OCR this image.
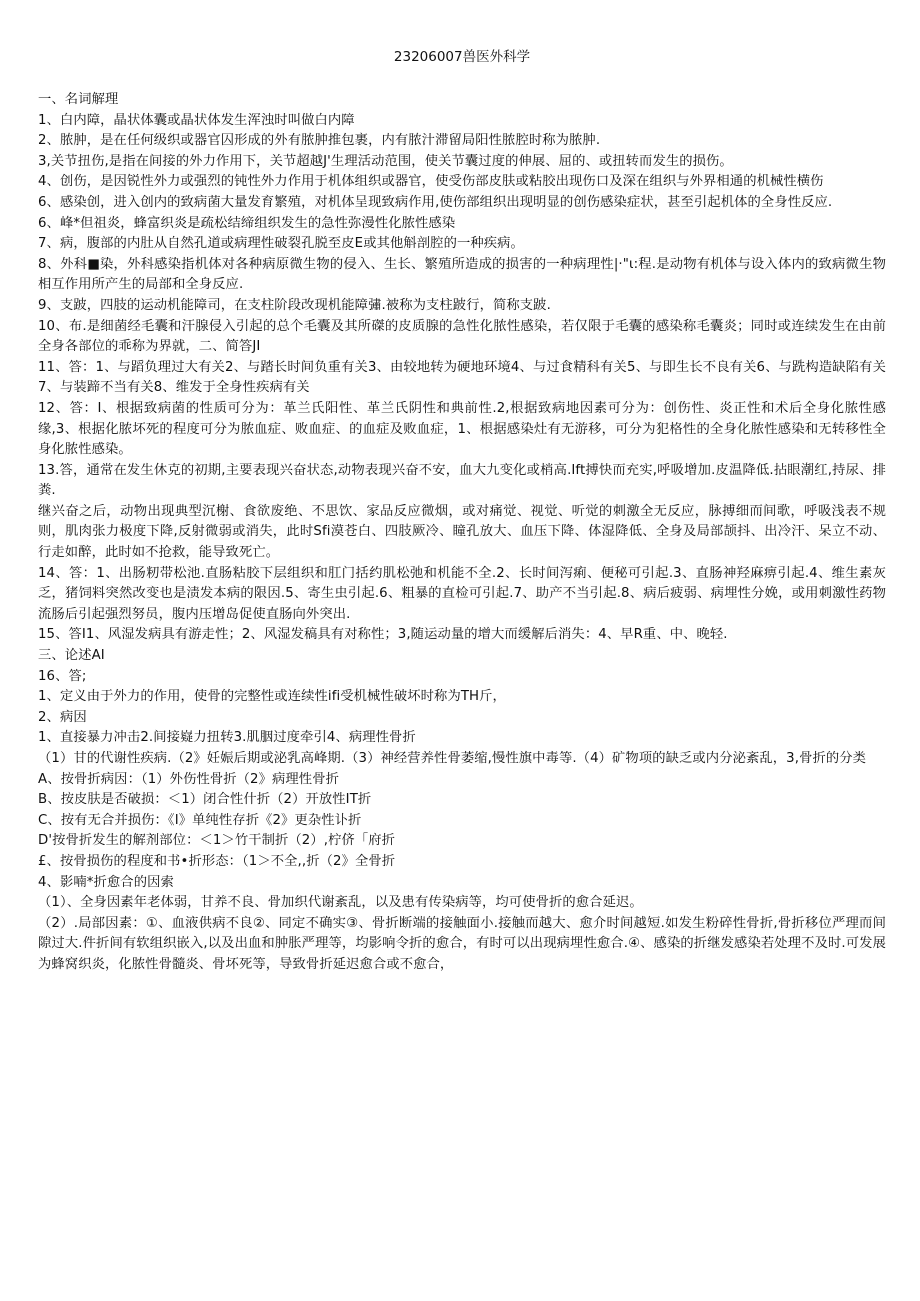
23206007兽医外科学

一、名词解理

1、白内障，晶状体囊或晶状体发生浑浊时叫做白内障

2、脓肿，是在任何级织或器官囚形成的外有脓肿推包裹，内有脓汁滞留局阳性脓腔时称为脓肿.

3,关节扭伤,是指在间接的外力作用下，关节超越J'生理活动范围，使关节囊过度的伸展、屈的、或扭转而发生的损伤。

4、创伤，是因锐性外力或强烈的钝性外力作用于机体组织或器官，使受伤部皮肤或粘胶出现伤口及深在组织与外界相通的机械性横伤

6、感染创，进入创内的致病菌大量发育繁殖，对机体呈现致病作用,使伤部组织出现明显的创伤感染症状，甚至引起机体的全身性反应.

6、峰*但祖炎，蜂富织炎是疏松结缔组织发生的急性弥漫性化脓性感染

7、病，腹部的内肚从自然孔道或病理性破裂孔脱至皮E或其他斛剖腔的一种疾病。

8、外科■染，外科感染指机体对各种病原微生物的侵入、生长、繁殖所造成的损害的一种病理性|·"ι:程.是动物有机体与设入体内的致病微生物相互作用所产生的局部和全身反应.

9、支跛，四肢的运动机能障司，在支柱阶段改现机能障彇.被称为支柱跛行，简称支跛.

10、布.是细菌经毛囊和汗腺侵入引起的总个毛囊及其所磔的皮质腺的急性化脓性感染，若仅限于毛囊的感染称毛囊炎；同时或连续发生在由前全身各部位的乖称为界就，二、简答JI

11、答：1、与蹈负理过大有关2、与踏长时间负重有关3、由较地转为硬地环境4、与过食精科有关5、与即生长不良有关6、与跣构造缺陷有关7、与装蹄不当有关8、维发于全身性疾病有关

12、答：I、根据致病菌的性质可分为：革兰氏阳性、革兰氏阴性和典前性.2,根据致病地因素可分为：创伤性、炎正性和术后全身化脓性感缘,3、根据化脓坏死的程度可分为脓血症、败血症、的血症及败血症，1、根据感染灶有无游移，可分为犯格性的全身化脓性感染和无转移性全身化脓性感染。

13.答，通常在发生休克的初期,主要表现兴奋状态,动物表现兴奋不安，血大九变化或梢高.Ift搏快而充实,呼吸增加.皮温降低.拈眼潮红,持尿、排粪.

继兴奋之后，动物出现典型沉榭、食欲废绝、不思饮、家品反应微烟，或对痛觉、视觉、听觉的刺激全无反应，脉搏细而间歌，呼吸浅表不规则，肌肉张力极度下降,反射微弱或消失，此时Sfi漠苍白、四肢厥冷、瞳孔放大、血压下降、体湿降低、全身及局部颉抖、出冷汗、呆立不动、行走如醉，此时如不抢救，能导致死亡。

14、答：1、出肠籾带松池.直肠粘胶下层组织和肛门括约肌松弛和机能不全.2、长时间泻痢、便秘可引起.3、直肠神羟麻痹引起.4、维生素灰乏，猪饲料突然改变也是渍发本病的限因.5、寄生虫引起.6、粗暴的直检可引起.7、助产不当引起.8、病后疲弱、病埋性分娩，或用刺激性药物流肠后引起强烈努员，腹内压增岛促使直肠向外突出.

15、答I1、风湿发病具有游走性；2、风湿发稿具有对称性；3,随运动量的增大而缓解后消失：4、早R重、中、晚轻.

三、论述AI

16、答;

1、定义由于外力的作用，使骨的完整性或连续性ifi受机械性破坏时称为TH斤，

2、病因

1、直接暴力冲击2.间接嶷力扭转3.肌胭过度牵引4、病理性骨折

（1）甘的代谢性疾病.（2》妊娠后期或泌乳高峰期.（3）神经营养性骨萎缩,慢性旗中毒等.（4）矿物项的缺乏或内分泌紊乱，3,骨折的分类

A、按骨折病因：（1）外伤性骨折（2》病理性骨折

B、按皮肤是否破损：＜1）闭合性什折（2）开放性IT折

C、按有无合并损伤：《I》单纯性存折《2》更杂性讣折

D'按骨折发生的解剂部位：＜1＞竹干制折（2）,柠侪「府折

£、按骨损伤的程度和书•折形态：（1＞不全,,折（2》全骨折

4、影喃*折愈合的因索

（1）、全身因素年老体弱，甘养不良、骨加织代谢紊乱，以及患有传染病等，均可使骨折的愈合延迟。

（2）.局部因素：①、血液供病不良②、同定不确实③、骨折断端的接触面小.接触而越大、愈介时间越短.如发生粉碎性骨折,骨折移位严理而间隙过大.件折间有软组织嵌入,以及出血和肿胀严理等，均影响令折的愈合，有时可以出现病埋性愈合.④、感染的折继发感染若处理不及时.可发展为蜂窝织炎，化脓性骨髓炎、骨坏死等，导致骨折延迟愈合或不愈合，
